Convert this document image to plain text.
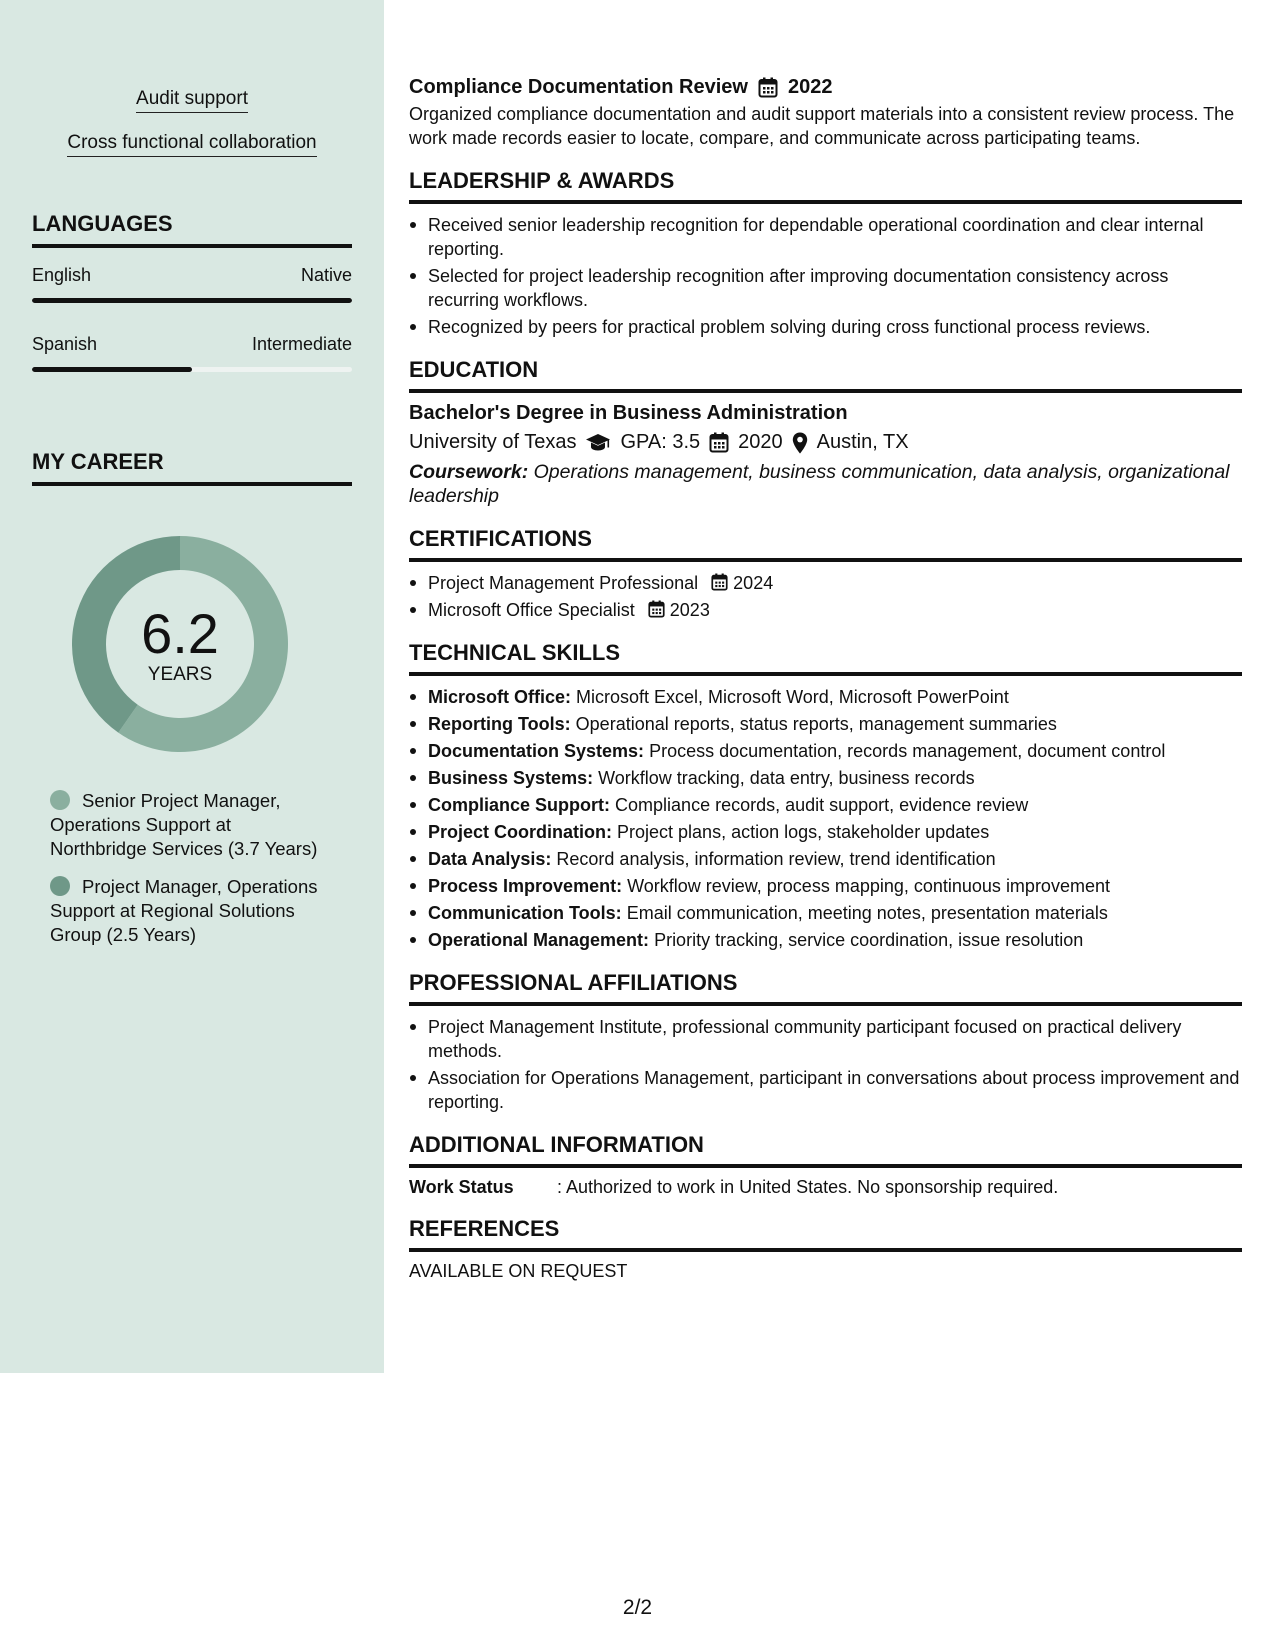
Audit support
Cross functional collaboration
LANGUAGES
English	Native
Spanish	Intermediate
MY CAREER
6.2
YEARS
Senior Project Manager, Operations Support at Northbridge Services (3.7 Years)
Project Manager, Operations Support at Regional Solutions Group (2.5 Years)
Compliance Documentation Review 2022

Organized compliance documentation and audit support materials into a consistent review process. The work made records easier to locate, compare, and communicate across participating teams.

LEADERSHIP & AWARDS
Received senior leadership recognition for dependable operational coordination and clear internal reporting.
Selected for project leadership recognition after improving documentation consistency across recurring workflows.
Recognized by peers for practical problem solving during cross functional process reviews.
EDUCATION
Bachelor's Degree in Business Administration
University of Texas GPA: 3.5 2020 Austin, TX

Coursework: Operations management, business communication, data analysis, organizational leadership

CERTIFICATIONS
Project Management Professional 2024
Microsoft Office Specialist 2023
TECHNICAL SKILLS
Microsoft Office: Microsoft Excel, Microsoft Word, Microsoft PowerPoint
Reporting Tools: Operational reports, status reports, management summaries
Documentation Systems: Process documentation, records management, document control
Business Systems: Workflow tracking, data entry, business records
Compliance Support: Compliance records, audit support, evidence review
Project Coordination: Project plans, action logs, stakeholder updates
Data Analysis: Record analysis, information review, trend identification
Process Improvement: Workflow review, process mapping, continuous improvement
Communication Tools: Email communication, meeting notes, presentation materials
Operational Management: Priority tracking, service coordination, issue resolution
PROFESSIONAL AFFILIATIONS
Project Management Institute, professional community participant focused on practical delivery methods.
Association for Operations Management, participant in conversations about process improvement and reporting.
ADDITIONAL INFORMATION
Work Status	: Authorized to work in United States. No sponsorship required.
REFERENCES
AVAILABLE ON REQUEST
2/2
